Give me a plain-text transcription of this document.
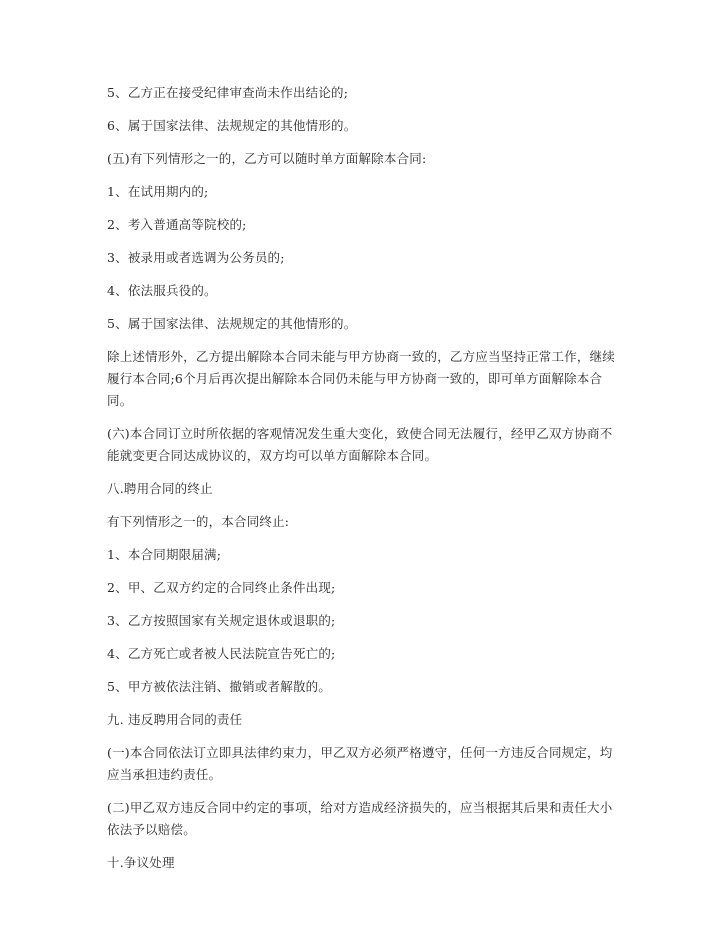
5、乙方正在接受纪律审查尚未作出结论的;

6、属于国家法律、法规规定的其他情形的。

(五)有下列情形之一的，乙方可以随时单方面解除本合同:

1、在试用期内的;

2、考入普通高等院校的;

3、被录用或者选调为公务员的;

4、依法服兵役的。

5、属于国家法律、法规规定的其他情形的。

除上述情形外，乙方提出解除本合同未能与甲方协商一致的，乙方应当坚持正常工作，继续履行本合同;6个月后再次提出解除本合同仍未能与甲方协商一致的，即可单方面解除本合同。

(六)本合同订立时所依据的客观情况发生重大变化，致使合同无法履行，经甲乙双方协商不能就变更合同达成协议的，双方均可以单方面解除本合同。

八.聘用合同的终止

有下列情形之一的，本合同终止:

1、本合同期限届满;

2、甲、乙双方约定的合同终止条件出现;

3、乙方按照国家有关规定退休或退职的;

4、乙方死亡或者被人民法院宣告死亡的;

5、甲方被依法注销、撤销或者解散的。

九. 违反聘用合同的责任

(一)本合同依法订立即具法律约束力，甲乙双方必须严格遵守，任何一方违反合同规定，均应当承担违约责任。

(二)甲乙双方违反合同中约定的事项，给对方造成经济损失的，应当根据其后果和责任大小依法予以赔偿。

十.争议处理
